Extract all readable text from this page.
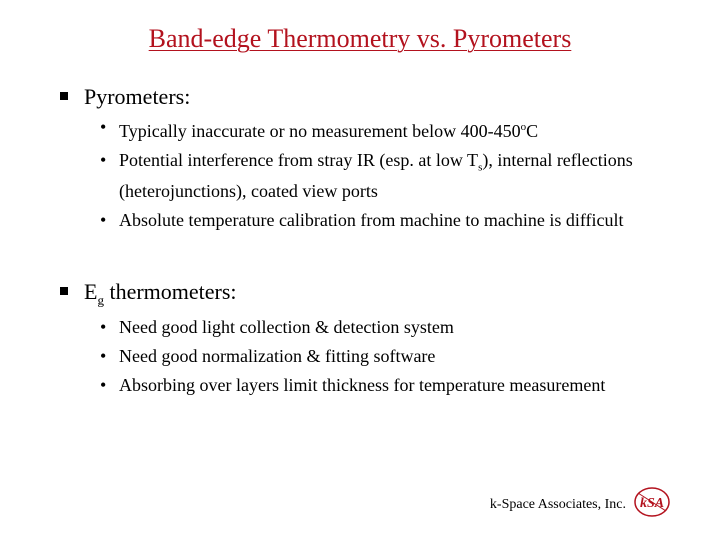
Band-edge Thermometry vs. Pyrometers
Pyrometers:
• Typically inaccurate or no measurement below 400-450$^o$C
• Potential interference from stray IR (esp. at low $T_s$), internal reflections (heterojunctions), coated view ports
• Absolute temperature calibration from machine to machine is difficult
$E_g$ thermometers:
• Need good light collection & detection system
• Need good normalization & fitting software
• Absorbing over layers limit thickness for temperature measurement
k-Space Associates, Inc. kSA
